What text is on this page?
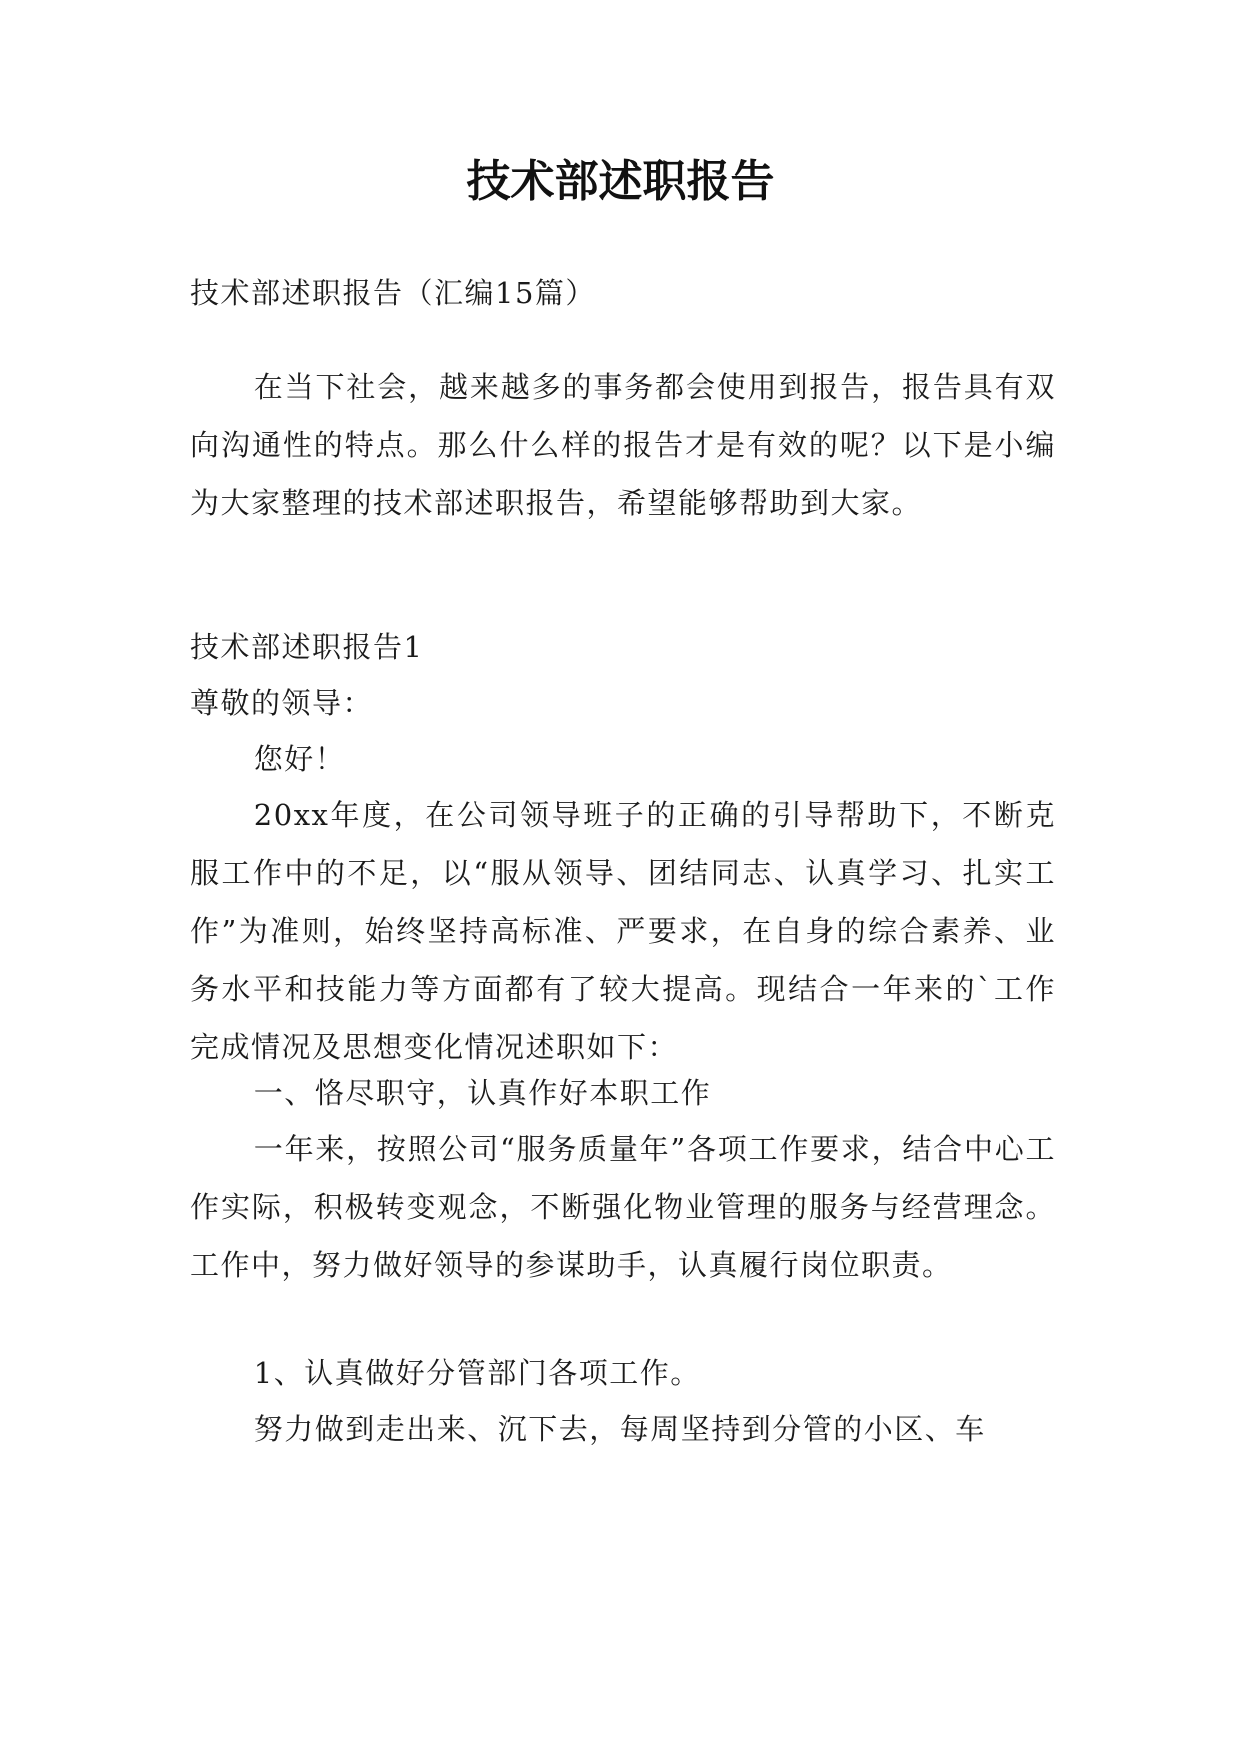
技术部述职报告

技术部述职报告（汇编15篇）

在当下社会，越来越多的事务都会使用到报告，报告具有双向沟通性的特点。那么什么样的报告才是有效的呢？以下是小编为大家整理的技术部述职报告，希望能够帮助到大家。

技术部述职报告1

尊敬的领导：

您好！

20xx年度，在公司领导班子的正确的引导帮助下，不断克服工作中的不足，以“服从领导、团结同志、认真学习、扎实工作”为准则，始终坚持高标准、严要求，在自身的综合素养、业务水平和技能力等方面都有了较大提高。现结合一年来的`工作完成情况及思想变化情况述职如下：

一、恪尽职守，认真作好本职工作

一年来，按照公司“服务质量年”各项工作要求，结合中心工作实际，积极转变观念，不断强化物业管理的服务与经营理念。工作中，努力做好领导的参谋助手，认真履行岗位职责。

1、认真做好分管部门各项工作。

努力做到走出来、沉下去，每周坚持到分管的小区、车
